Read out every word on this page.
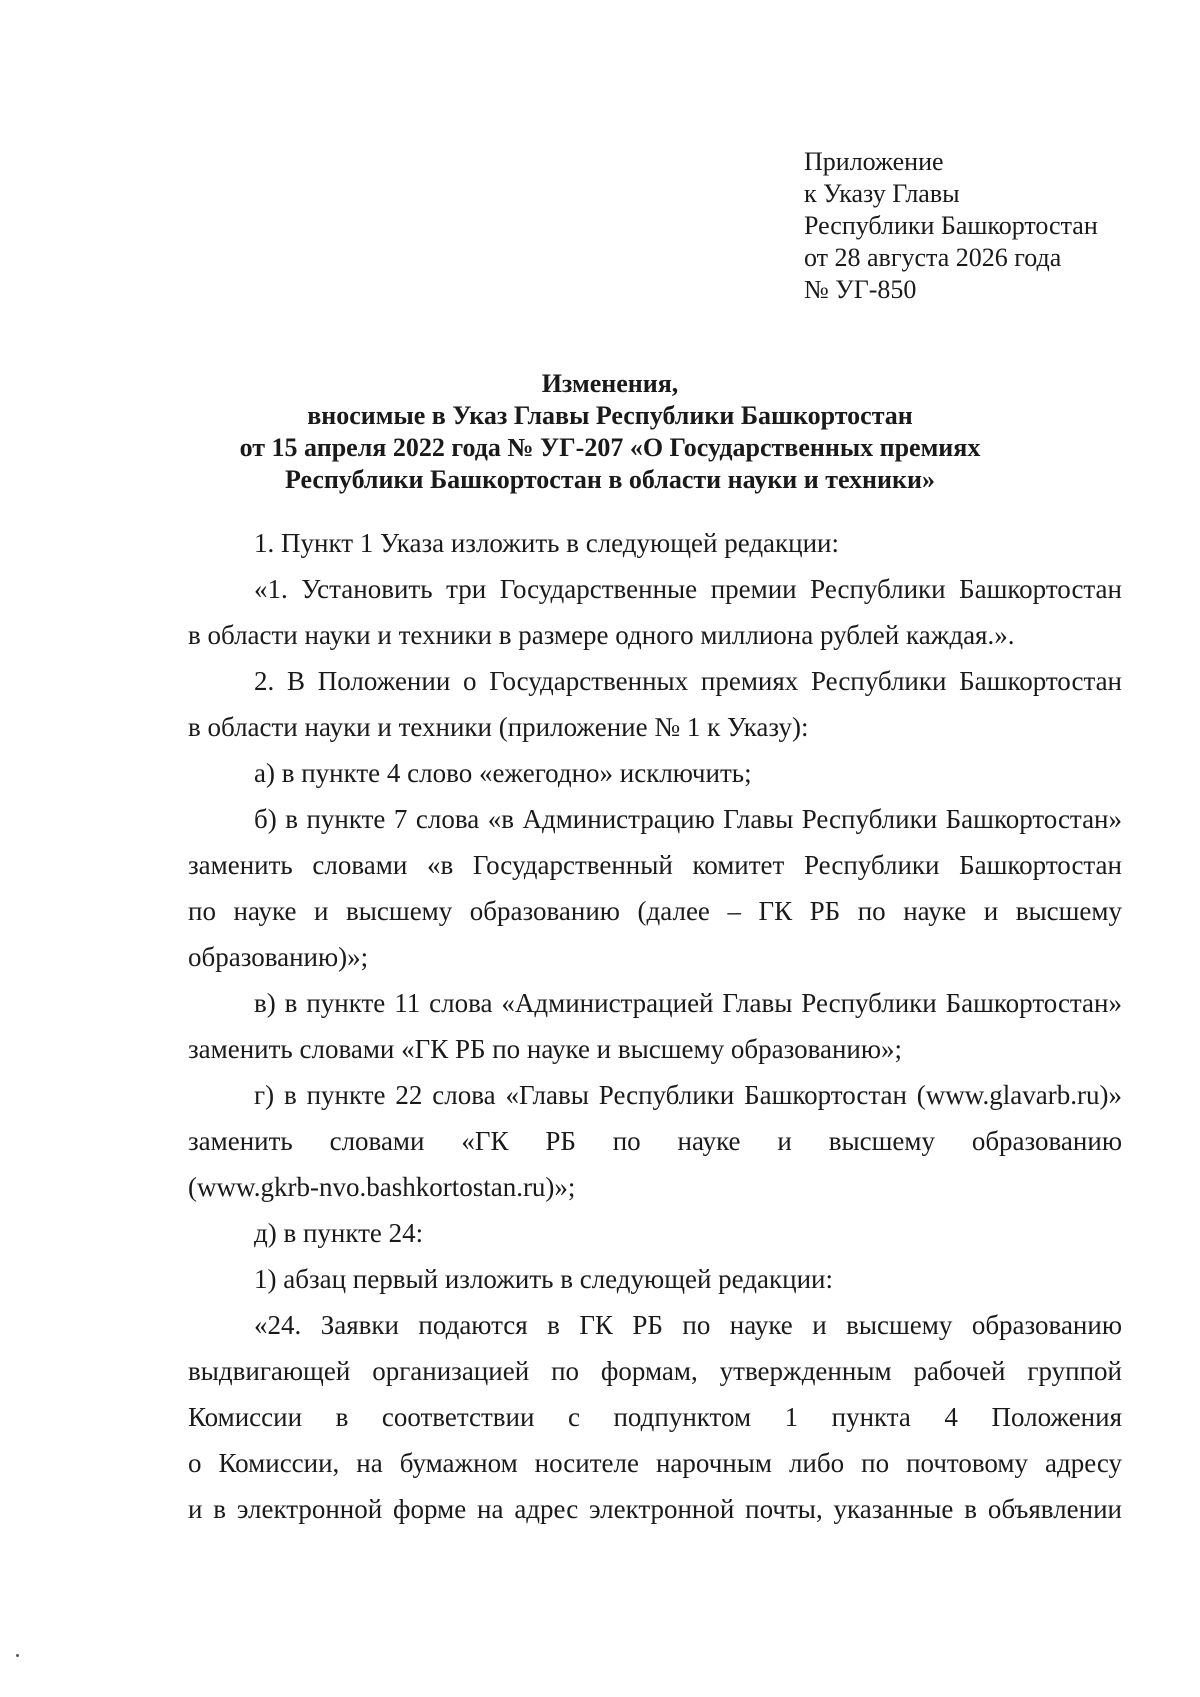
Приложение
к Указу Главы
Республики Башкортостан
от 28 августа 2026 года
№ УГ-850
Изменения,
вносимые в Указ Главы Республики Башкортостан
от 15 апреля 2022 года № УГ-207 «О Государственных премиях
Республики Башкортостан в области науки и техники»
1. Пункт 1 Указа изложить в следующей редакции:
«1. Установить три Государственные премии Республики Башкортостан
в области науки и техники в размере одного миллиона рублей каждая.».
2. В Положении о Государственных премиях Республики Башкортостан
в области науки и техники (приложение № 1 к Указу):
а) в пункте 4 слово «ежегодно» исключить;
б) в пункте 7 слова «в Администрацию Главы Республики Башкортостан»
заменить словами «в Государственный комитет Республики Башкортостан
по науке и высшему образованию (далее – ГК РБ по науке и высшему
образованию)»;
в) в пункте 11 слова «Администрацией Главы Республики Башкортостан»
заменить словами «ГК РБ по науке и высшему образованию»;
г) в пункте 22 слова «Главы Республики Башкортостан (www.glavarb.ru)»
заменить словами «ГК РБ по науке и высшему образованию
(www.gkrb-nvo.bashkortostan.ru)»;
д) в пункте 24:
1) абзац первый изложить в следующей редакции:
«24. Заявки подаются в ГК РБ по науке и высшему образованию
выдвигающей организацией по формам, утвержденным рабочей группой
Комиссии в соответствии с подпунктом 1 пункта 4 Положения
о Комиссии, на бумажном носителе нарочным либо по почтовому адресу
и в электронной форме на адрес электронной почты, указанные в объявлении
